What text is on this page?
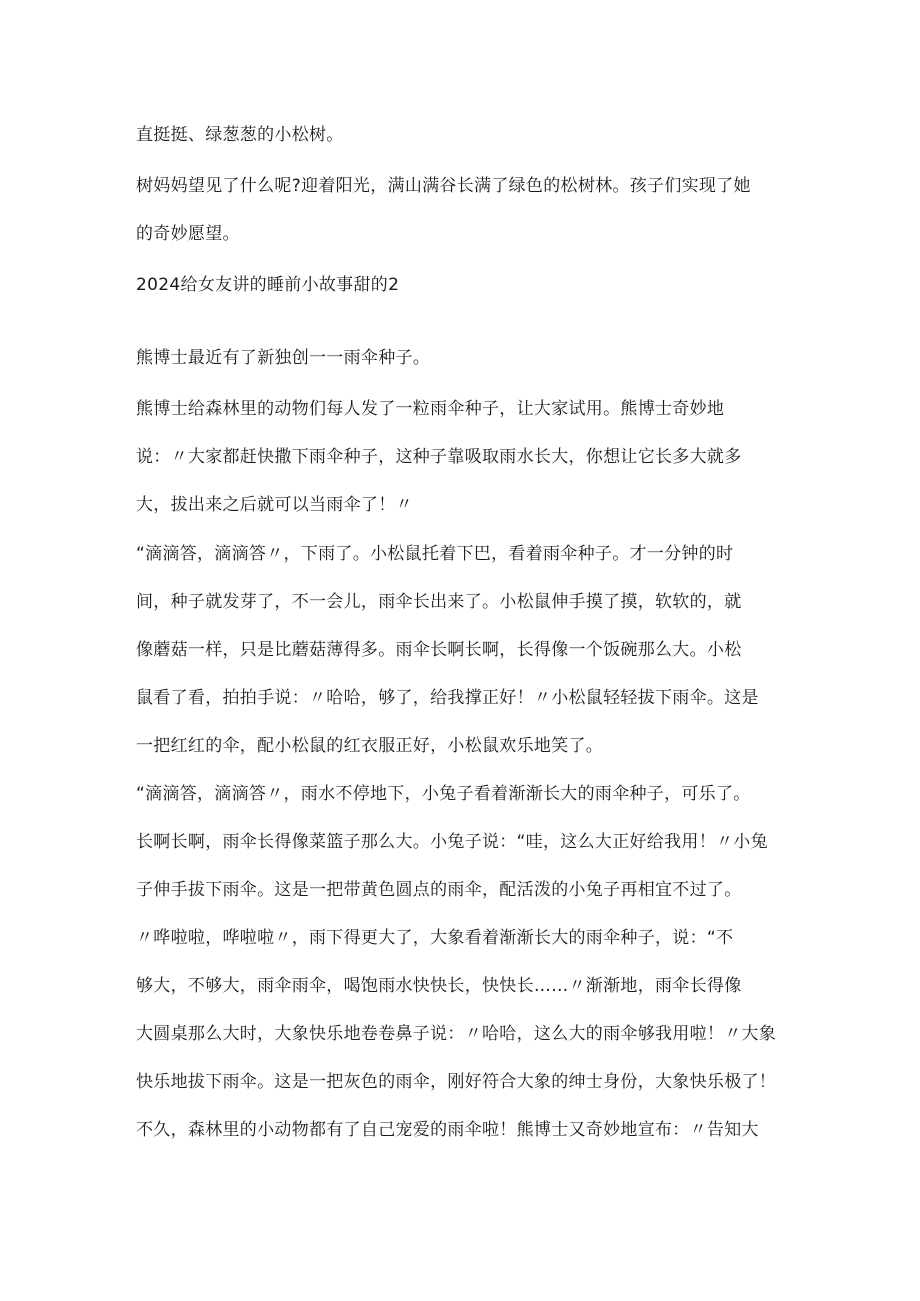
直挺挺、绿葱葱的小松树。
树妈妈望见了什么呢?迎着阳光，满山满谷长满了绿色的松树林。孩子们实现了她
的奇妙愿望。
2024给女友讲的睡前小故事甜的2
熊博士最近有了新独创一一雨伞种子。
熊博士给森林里的动物们每人发了一粒雨伞种子，让大家试用。熊博士奇妙地
说：〃大家都赶快撒下雨伞种子，这种子靠吸取雨水长大，你想让它长多大就多
大，拔出来之后就可以当雨伞了！〃
“滴滴答，滴滴答〃，下雨了。小松鼠托着下巴，看着雨伞种子。才一分钟的时
间，种子就发芽了，不一会儿，雨伞长出来了。小松鼠伸手摸了摸，软软的，就
像蘑菇一样，只是比蘑菇薄得多。雨伞长啊长啊，长得像一个饭碗那么大。小松
鼠看了看，拍拍手说：〃哈哈，够了，给我撑正好！〃小松鼠轻轻拔下雨伞。这是
一把红红的伞，配小松鼠的红衣服正好，小松鼠欢乐地笑了。
“滴滴答，滴滴答〃，雨水不停地下，小兔子看着渐渐长大的雨伞种子，可乐了。
长啊长啊，雨伞长得像菜篮子那么大。小兔子说：“哇，这么大正好给我用！〃小兔
子伸手拔下雨伞。这是一把带黄色圆点的雨伞，配活泼的小兔子再相宜不过了。
〃哗啦啦，哗啦啦〃，雨下得更大了，大象看着渐渐长大的雨伞种子，说：“不
够大，不够大，雨伞雨伞，喝饱雨水快快长，快快长……〃渐渐地，雨伞长得像
大圆桌那么大时，大象快乐地卷卷鼻子说：〃哈哈，这么大的雨伞够我用啦！〃大象
快乐地拔下雨伞。这是一把灰色的雨伞，刚好符合大象的绅士身份，大象快乐极了！
不久，森林里的小动物都有了自己宠爱的雨伞啦！熊博士又奇妙地宣布：〃告知大
